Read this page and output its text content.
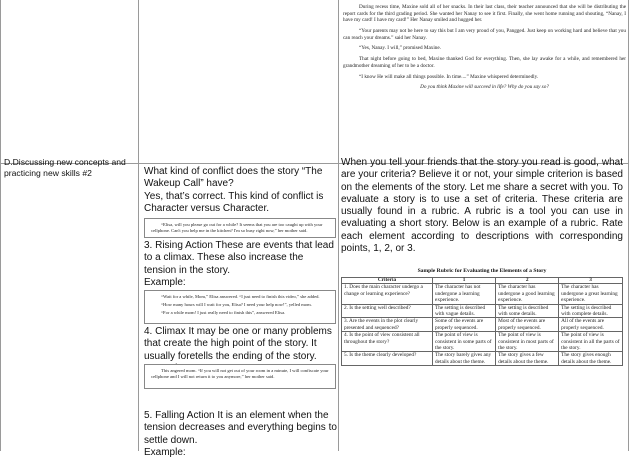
During recess time, Maxine sold all of her snacks. In their last class, their teacher announced that she will be distributing the report cards for the third grading period. She wanted her Nanay to see it first. Finally, she went home running and shouting, “Nanay, I have my card! I have my card!” Her Nanay smiled and hugged her.

“Your parents may not be here to say this but I am very proud of you, Pangged. Just keep on working hard and believe that you can reach your dreams.” said her Nanay.

“Yes, Nanay. I will,” promised Maxine.

That night before going to bed, Maxine thanked God for everything. Then, she lay awake for a while, and remembered her grandmother dreaming of her to be a doctor.

“I know He will make all things possible. In time....” Maxine whispered determinedly.

Do you think Maxine will succeed in life? Why do you say so?

D.Discussing new concepts and practicing new skills #2	What kind of conflict does the story “The Wakeup Call” have?
Yes, that’s correct. This kind of conflict is Character versus Character.

“Elisa, will you please go out for a while? It seems that you are too caught up with your cellphone. Can't you help me in the kitchen? I'm so busy right now,” her mother said.

3. Rising Action These are events that lead to a climax. These also increase the tension in the story.
Example:

“Wait for a while, Mom,” Elisa answered. “I just need to finish this video,” she added.

“How many hours will I wait for you, Elisa? I need your help now!”, yelled mom.

“For a while mom! I just really need to finish this”, answered Elisa.

4. Climax It may be one or many problems that create the high point of the story. It usually foretells the ending of the story.

This angered mom. “If you will not get out of your room in a minute, I will confiscate your cellphone and I will not return it to you anymore,” her mother said.

5. Falling Action It is an element when the tension decreases and everything begins to settle down.
Example:
When you tell your friends that the story you read is good, what are your criteria? Believe it or not, your simple criterion is based on the elements of the story. Let me share a secret with you. To evaluate a story is to use a set of criteria. These criteria are usually found in a rubric. A rubric is a tool you can use in evaluating a short story. Below is an example of a rubric. Rate each element according to descriptions with corresponding points, 1, 2, or 3.
Sample Rubric for Evaluating the Elements of a Story
Criteria	1	2	3
1. Does the main character undergo a change or learning experience?	The character has not undergone a learning experience.	The character has undergone a good learning experience.	The character has undergone a great learning experience.
2. Is the setting well described?	The setting is described with vague details.	The setting is described with some details.	The setting is described with complete details.
3. Are the events in the plot clearly presented and sequenced?	Some of the events are properly sequenced.	Most of the events are properly sequenced.	All of the events are properly sequenced.
4. Is the point of view consistent all throughout the story?	The point of view is consistent in some parts of the story.	The point of view is consistent in most parts of the story.	The point of view is consistent in all the parts of the story.
5. Is the theme clearly developed?	The story barely gives any details about the theme.	The story gives a few details about the theme.	The story gives enough details about the theme.
